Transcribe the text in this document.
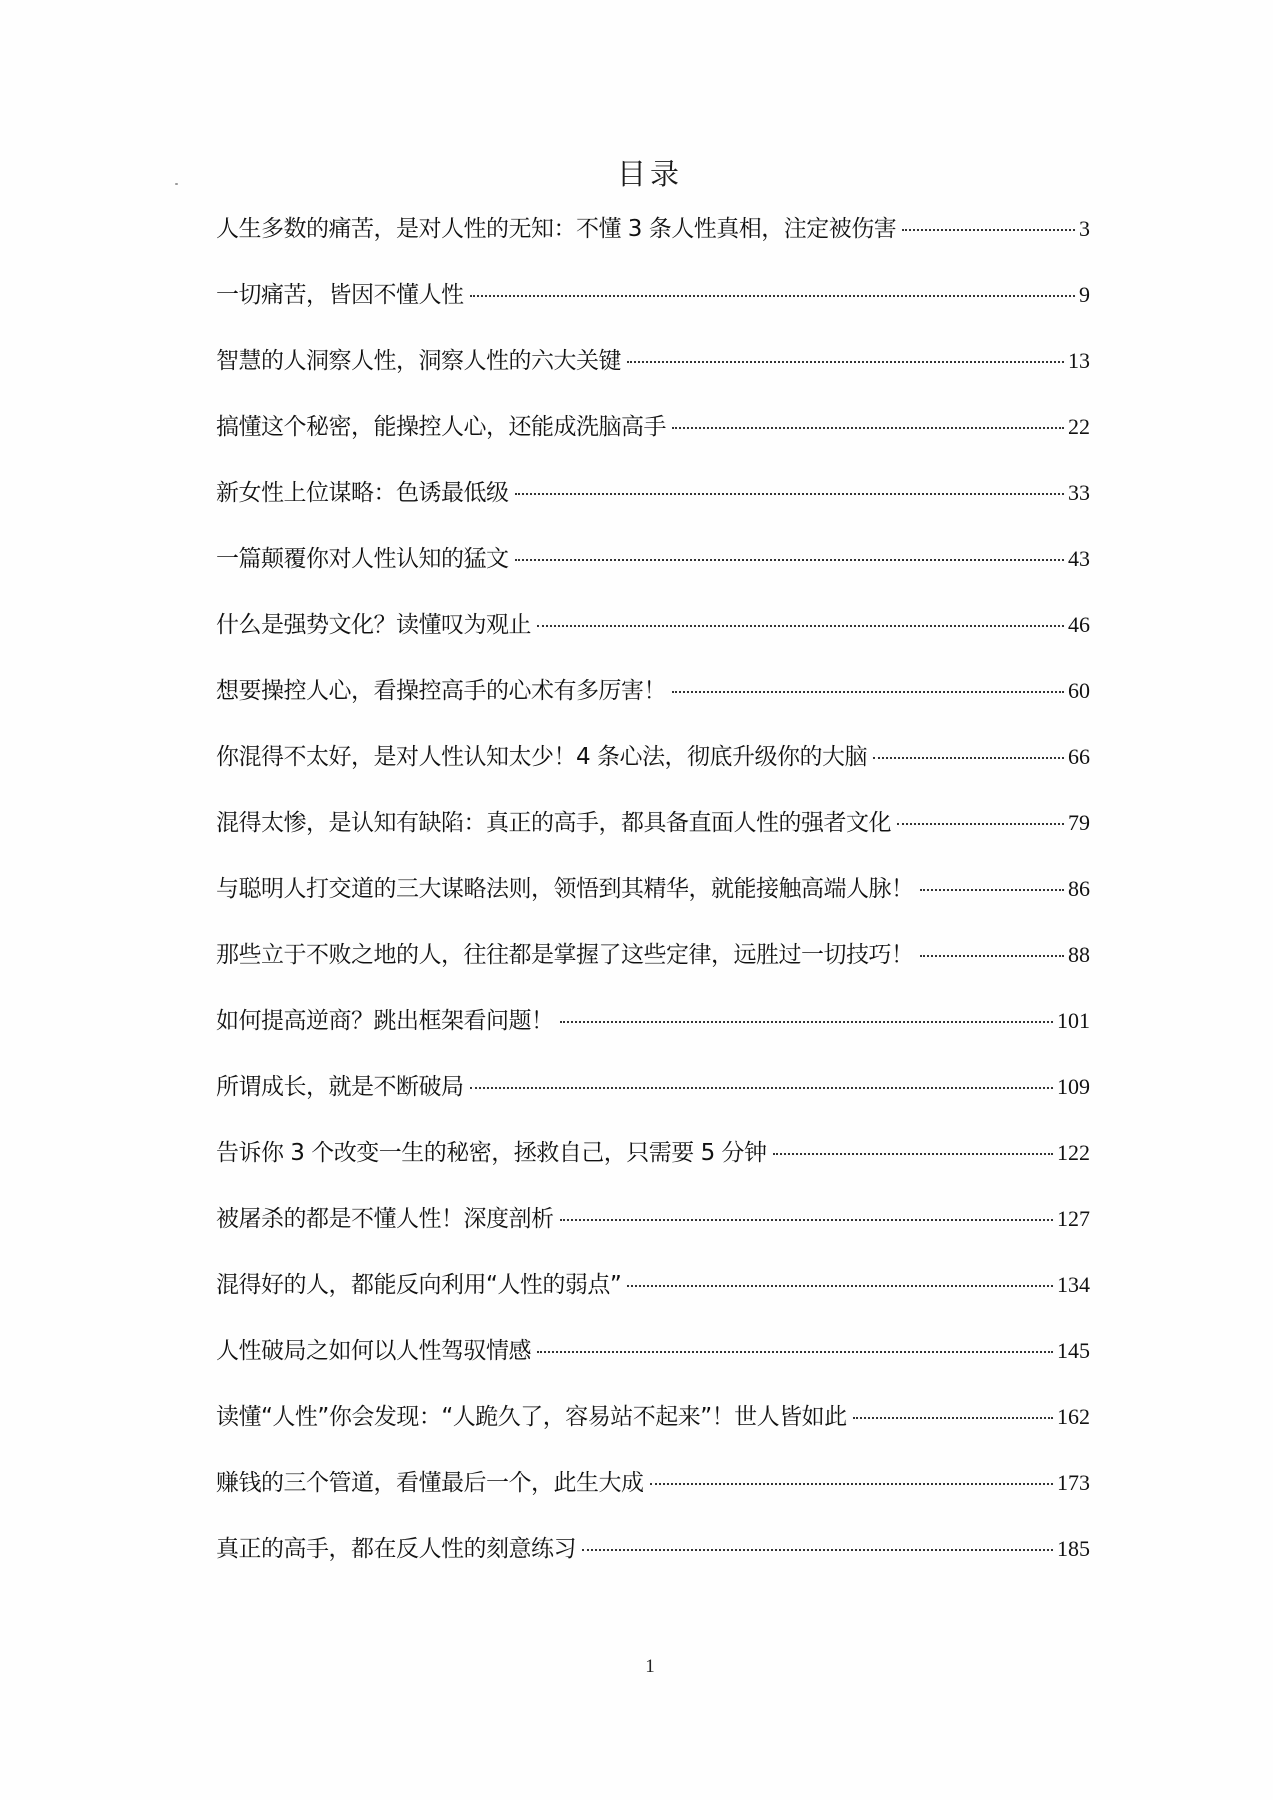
目录
人生多数的痛苦，是对人性的无知：不懂 3 条人性真相，注定被伤害	3
一切痛苦，皆因不懂人性	9
智慧的人洞察人性，洞察人性的六大关键	13
搞懂这个秘密，能操控人心，还能成洗脑高手	22
新女性上位谋略：色诱最低级	33
一篇颠覆你对人性认知的猛文	43
什么是强势文化？读懂叹为观止	46
想要操控人心，看操控高手的心术有多厉害！	60
你混得不太好，是对人性认知太少！4 条心法，彻底升级你的大脑	66
混得太惨，是认知有缺陷：真正的高手，都具备直面人性的强者文化	79
与聪明人打交道的三大谋略法则，领悟到其精华，就能接触高端人脉！	86
那些立于不败之地的人，往往都是掌握了这些定律，远胜过一切技巧！	88
如何提高逆商？跳出框架看问题！	101
所谓成长，就是不断破局	109
告诉你 3 个改变一生的秘密，拯救自己，只需要 5 分钟	122
被屠杀的都是不懂人性！深度剖析	127
混得好的人，都能反向利用“人性的弱点”	134
人性破局之如何以人性驾驭情感	145
读懂“人性”你会发现：“人跪久了，容易站不起来”！世人皆如此	162
赚钱的三个管道，看懂最后一个，此生大成	173
真正的高手，都在反人性的刻意练习	185
1
